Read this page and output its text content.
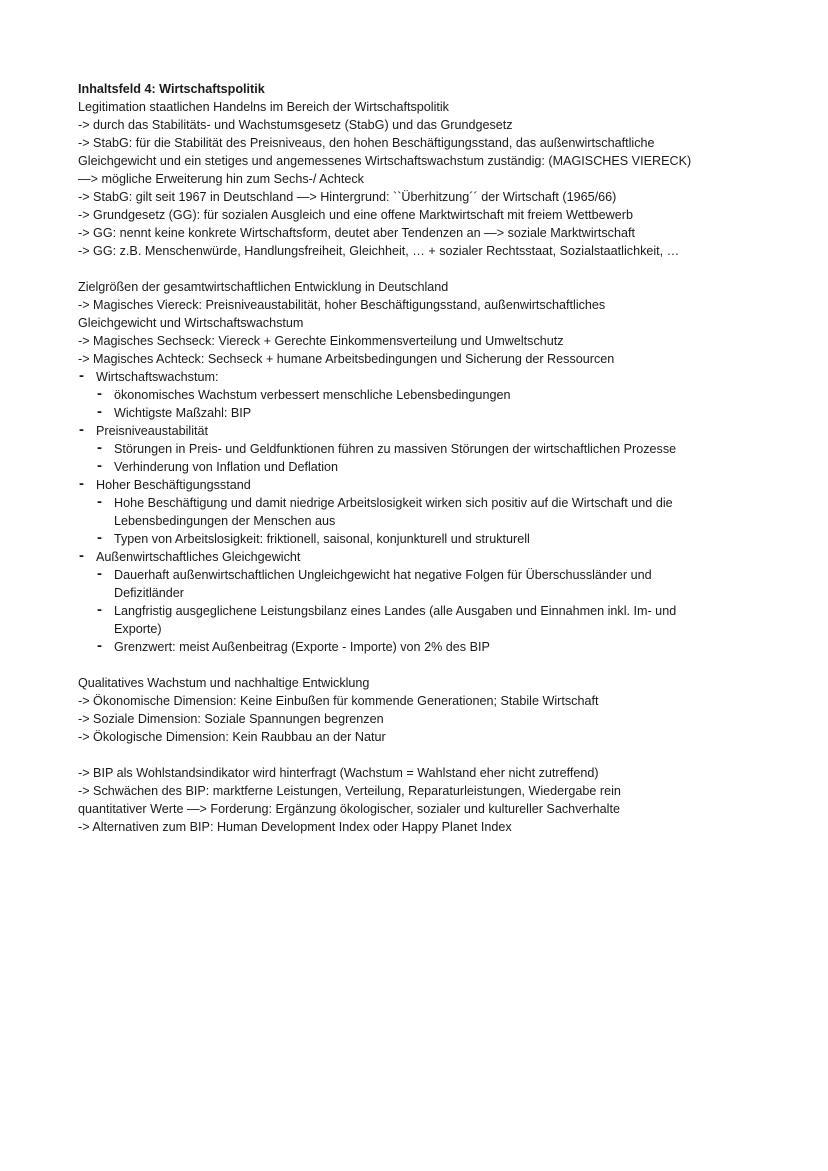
Inhaltsfeld 4: Wirtschaftspolitik
Legitimation staatlichen Handelns im Bereich der Wirtschaftspolitik
-> durch das Stabilitäts- und Wachstumsgesetz (StabG) und das Grundgesetz
-> StabG: für die Stabilität des Preisniveaus, den hohen Beschäftigungsstand, das außenwirtschaftliche
Gleichgewicht und ein stetiges und angemessenes Wirtschaftswachstum zuständig: (MAGISCHES VIERECK)
—> mögliche Erweiterung hin zum Sechs-/ Achteck
-> StabG: gilt seit 1967 in Deutschland —> Hintergrund: ``Überhitzung´´ der Wirtschaft (1965/66)
-> Grundgesetz (GG): für sozialen Ausgleich und eine offene Marktwirtschaft mit freiem Wettbewerb
-> GG: nennt keine konkrete Wirtschaftsform, deutet aber Tendenzen an —> soziale Marktwirtschaft
-> GG: z.B. Menschenwürde, Handlungsfreiheit, Gleichheit, … + sozialer Rechtsstaat, Sozialstaatlichkeit, …
Zielgrößen der gesamtwirtschaftlichen Entwicklung in Deutschland
-> Magisches Viereck: Preisniveaustabilität, hoher Beschäftigungsstand, außenwirtschaftliches
Gleichgewicht und Wirtschaftswachstum
-> Magisches Sechseck: Viereck + Gerechte Einkommensverteilung und Umweltschutz
-> Magisches Achteck: Sechseck + humane Arbeitsbedingungen und Sicherung der Ressourcen
- Wirtschaftswachstum:
- ökonomisches Wachstum verbessert menschliche Lebensbedingungen
- Wichtigste Maßzahl: BIP
- Preisniveaustabilität
- Störungen in Preis- und Geldfunktionen führen zu massiven Störungen der wirtschaftlichen Prozesse
- Verhinderung von Inflation und Deflation
- Hoher Beschäftigungsstand
- Hohe Beschäftigung und damit niedrige Arbeitslosigkeit wirken sich positiv auf die Wirtschaft und die
Lebensbedingungen der Menschen aus
- Typen von Arbeitslosigkeit: friktionell, saisonal, konjunkturell und strukturell
- Außenwirtschaftliches Gleichgewicht
- Dauerhaft außenwirtschaftlichen Ungleichgewicht hat negative Folgen für Überschussländer und
Defizitländer
- Langfristig ausgeglichene Leistungsbilanz eines Landes (alle Ausgaben und Einnahmen inkl. Im- und
Exporte)
- Grenzwert: meist Außenbeitrag (Exporte - Importe) von 2% des BIP
Qualitatives Wachstum und nachhaltige Entwicklung
-> Ökonomische Dimension: Keine Einbußen für kommende Generationen; Stabile Wirtschaft
-> Soziale Dimension: Soziale Spannungen begrenzen
-> Ökologische Dimension: Kein Raubbau an der Natur
-> BIP als Wohlstandsindikator wird hinterfragt (Wachstum = Wahlstand eher nicht zutreffend)
-> Schwächen des BIP: marktferne Leistungen, Verteilung, Reparaturleistungen, Wiedergabe rein
quantitativer Werte —> Forderung: Ergänzung ökologischer, sozialer und kultureller Sachverhalte
-> Alternativen zum BIP: Human Development Index oder Happy Planet Index
